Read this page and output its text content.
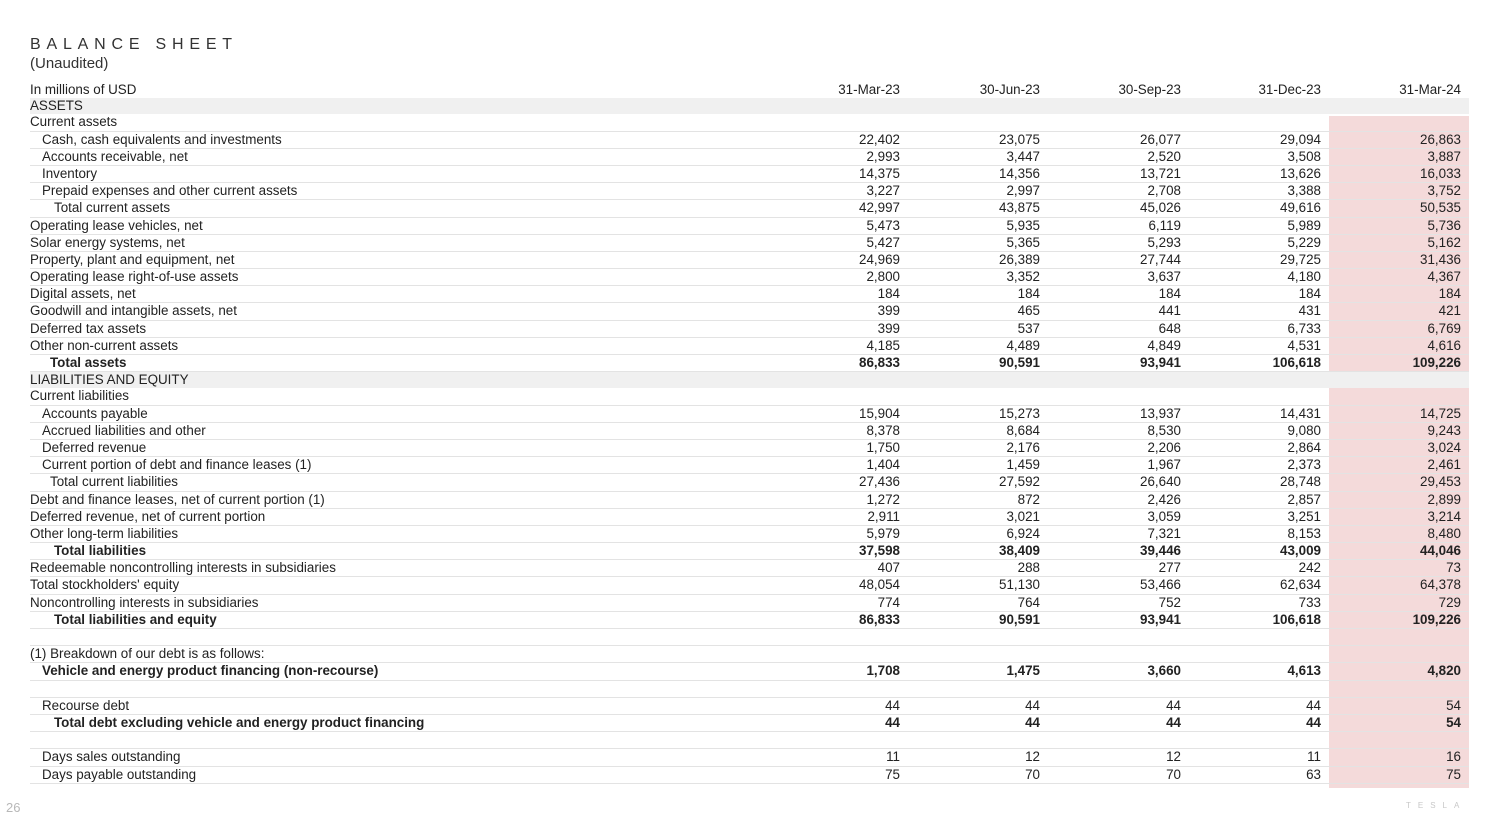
BALANCE SHEET
(Unaudited)
In millions of USD	31-Mar-23	30-Jun-23	30-Sep-23	31-Dec-23	31-Mar-24
ASSETS
Current assets
Cash, cash equivalents and investments	22,402	23,075	26,077	29,094	26,863
Accounts receivable, net	2,993	3,447	2,520	3,508	3,887
Inventory	14,375	14,356	13,721	13,626	16,033
Prepaid expenses and other current assets	3,227	2,997	2,708	3,388	3,752
Total current assets	42,997	43,875	45,026	49,616	50,535
Operating lease vehicles, net	5,473	5,935	6,119	5,989	5,736
Solar energy systems, net	5,427	5,365	5,293	5,229	5,162
Property, plant and equipment, net	24,969	26,389	27,744	29,725	31,436
Operating lease right-of-use assets	2,800	3,352	3,637	4,180	4,367
Digital assets, net	184	184	184	184	184
Goodwill and intangible assets, net	399	465	441	431	421
Deferred tax assets	399	537	648	6,733	6,769
Other non-current assets	4,185	4,489	4,849	4,531	4,616
Total assets	86,833	90,591	93,941	106,618	109,226
LIABILITIES AND EQUITY
Current liabilities
Accounts payable	15,904	15,273	13,937	14,431	14,725
Accrued liabilities and other	8,378	8,684	8,530	9,080	9,243
Deferred revenue	1,750	2,176	2,206	2,864	3,024
Current portion of debt and finance leases (1)	1,404	1,459	1,967	2,373	2,461
Total current liabilities	27,436	27,592	26,640	28,748	29,453
Debt and finance leases, net of current portion (1)	1,272	872	2,426	2,857	2,899
Deferred revenue, net of current portion	2,911	3,021	3,059	3,251	3,214
Other long-term liabilities	5,979	6,924	7,321	8,153	8,480
Total liabilities	37,598	38,409	39,446	43,009	44,046
Redeemable noncontrolling interests in subsidiaries	407	288	277	242	73
Total stockholders' equity	48,054	51,130	53,466	62,634	64,378
Noncontrolling interests in subsidiaries	774	764	752	733	729
Total liabilities and equity	86,833	90,591	93,941	106,618	109,226
(1) Breakdown of our debt is as follows:
Vehicle and energy product financing (non-recourse)	1,708	1,475	3,660	4,613	4,820
Recourse debt	44	44	44	44	54
Total debt excluding vehicle and energy product financing	44	44	44	44	54
Days sales outstanding	11	12	12	11	16
Days payable outstanding	75	70	70	63	75
26	TESLA
